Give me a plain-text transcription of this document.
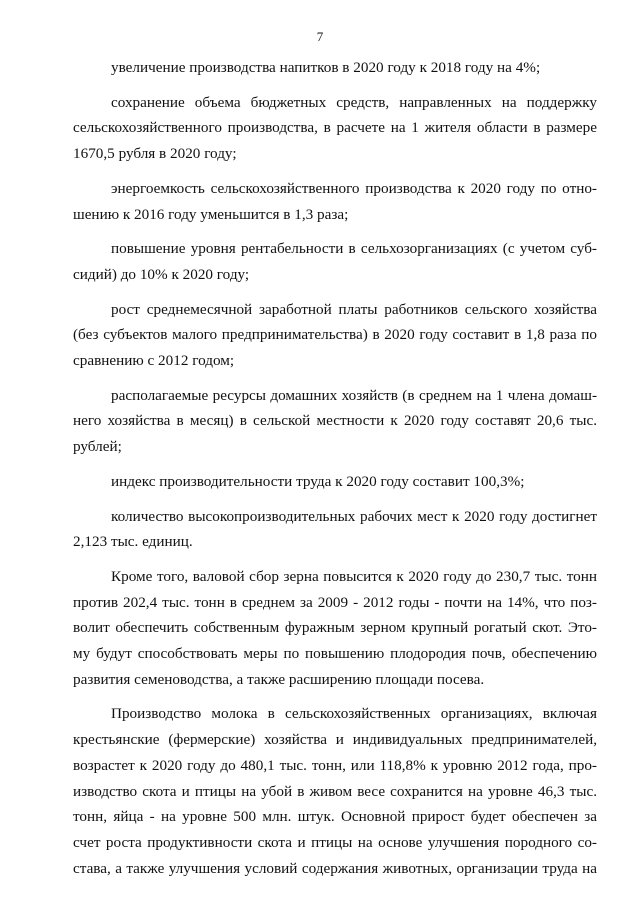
7

увеличение производства напитков в 2020 году к 2018 году на 4%;

сохранение объема бюджетных средств, направленных на поддержку
сельскохозяйственного производства, в расчете на 1 жителя области в размере
1670,5 рубля в 2020 году;

энергоемкость сельскохозяйственного производства к 2020 году по отно-
шению к 2016 году уменьшится в 1,3 раза;

повышение уровня рентабельности в сельхозорганизациях (с учетом суб-
сидий) до 10% к 2020 году;

рост среднемесячной заработной платы работников сельского хозяйства
(без субъектов малого предпринимательства) в 2020 году составит в 1,8 раза по
сравнению с 2012 годом;

располагаемые ресурсы домашних хозяйств (в среднем на 1 члена домаш-
него хозяйства в месяц) в сельской местности к 2020 году составят 20,6 тыс.
рублей;

индекс производительности труда к 2020 году составит 100,3%;

количество высокопроизводительных рабочих мест к 2020 году достигнет
2,123 тыс. единиц.

Кроме того, валовой сбор зерна повысится к 2020 году до 230,7 тыс. тонн
против 202,4 тыс. тонн в среднем за 2009 - 2012 годы - почти на 14%, что поз-
волит обеспечить собственным фуражным зерном крупный рогатый скот. Это-
му будут способствовать меры по повышению плодородия почв, обеспечению
развития семеноводства, а также расширению площади посева.

Производство молока в сельскохозяйственных организациях, включая
крестьянские (фермерские) хозяйства и индивидуальных предпринимателей,
возрастет к 2020 году до 480,1 тыс. тонн, или 118,8% к уровню 2012 года, про-
изводство скота и птицы на убой в живом весе сохранится на уровне 46,3 тыс.
тонн, яйца - на уровне 500 млн. штук. Основной прирост будет обеспечен за
счет роста продуктивности скота и птицы на основе улучшения породного со-
става, а также улучшения условий содержания животных, организации труда на
